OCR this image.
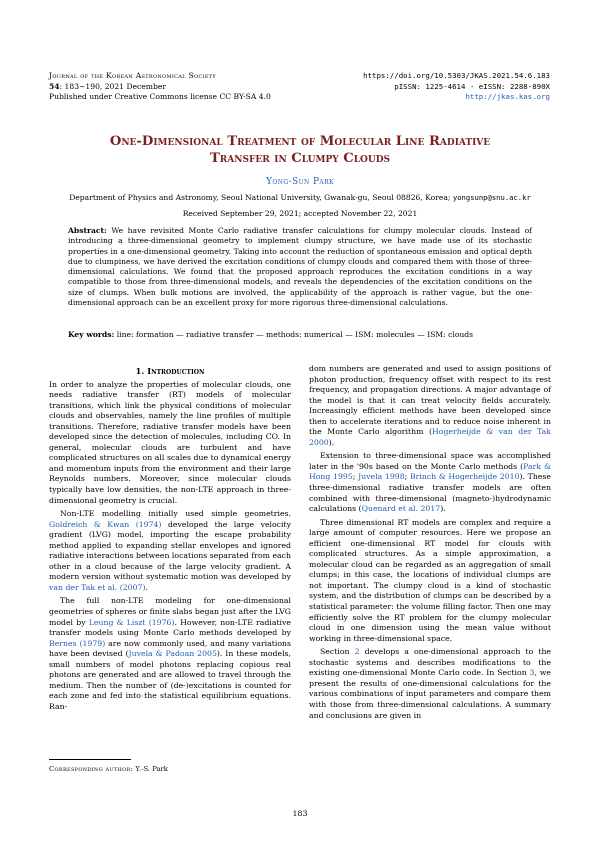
Journal of the Korean Astronomical Society
54: 183∼190, 2021 December
Published under Creative Commons license CC BY-SA 4.0
https://doi.org/10.5303/JKAS.2021.54.6.183
pISSN: 1225-4614 · eISSN: 2288-890X
http://jkas.kas.org
One-Dimensional Treatment of Molecular Line Radiative
Transfer in Clumpy Clouds
Yong-Sun Park
Department of Physics and Astronomy, Seoul National University, Gwanak-gu, Seoul 08826, Korea; yongsunp@snu.ac.kr
Received September 29, 2021; accepted November 22, 2021
Abstract: We have revisited Monte Carlo radiative transfer calculations for clumpy molecular clouds. Instead of introducing a three-dimensional geometry to implement clumpy structure, we have made use of its stochastic properties in a one-dimensional geometry. Taking into account the reduction of spontaneous emission and optical depth due to clumpiness, we have derived the excitation conditions of clumpy clouds and compared them with those of three-dimensional calculations. We found that the proposed approach reproduces the excitation conditions in a way compatible to those from three-dimensional models, and reveals the dependencies of the excitation conditions on the size of clumps. When bulk motions are involved, the applicability of the approach is rather vague, but the one-dimensional approach can be an excellent proxy for more rigorous three-dimensional calculations.
Key words: line: formation — radiative transfer — methods: numerical — ISM: molecules — ISM: clouds
1. Introduction

In order to analyze the properties of molecular clouds, one needs radiative transfer (RT) models of molecular transitions, which link the physical conditions of molecular clouds and observables, namely the line profiles of multiple transitions. Therefore, radiative transfer models have been developed since the detection of molecules, including CO. In general, molecular clouds are turbulent and have complicated structures on all scales due to dynamical energy and momentum inputs from the environment and their large Reynolds numbers. Moreover, since molecular clouds typically have low densities, the non-LTE approach in three-dimensional geometry is crucial.

Non-LTE modelling initially used simple geometries. Goldreich & Kwan (1974) developed the large velocity gradient (LVG) model, importing the escape probability method applied to expanding stellar envelopes and ignored radiative interactions between locations separated from each other in a cloud because of the large velocity gradient. A modern version without systematic motion was developed by van der Tak et al. (2007).

The full non-LTE modeling for one-dimensional geometries of spheres or finite slabs began just after the LVG model by Leung & Liszt (1976). However, non-LTE radiative transfer models using Monte Carlo methods developed by Bernes (1979) are now commonly used, and many variations have been devised (Juvela & Padoan 2005). In these models, small numbers of model photons replacing copious real photons are generated and are allowed to travel through the medium. Then the number of (de-)excitations is counted for each zone and fed into the statistical equilibrium equations. Ran-

dom numbers are generated and used to assign positions of photon production, frequency offset with respect to its rest frequency, and propagation directions. A major advantage of the model is that it can treat velocity fields accurately. Increasingly efficient methods have been developed since then to accelerate iterations and to reduce noise inherent in the Monte Carlo algorithm (Hogerheijde & van der Tak 2000).

Extension to three-dimensional space was accomplished later in the '90s based on the Monte Carlo methods (Park & Hong 1995; Juvela 1998; Brinch & Hogerheijde 2010). These three-dimensional radiative transfer models are often combined with three-dimensional (magneto-)hydrodynamic calculations (Quenard et al. 2017).

Three dimensional RT models are complex and require a large amount of computer resources. Here we propose an efficient one-dimensional RT model for clouds with complicated structures. As a simple approximation, a molecular cloud can be regarded as an aggregation of small clumps; in this case, the locations of individual clumps are not important. The clumpy cloud is a kind of stochastic system, and the distribution of clumps can be described by a statistical parameter: the volume filling factor. Then one may efficiently solve the RT problem for the clumpy molecular cloud in one dimension using the mean value without working in three-dimensional space.

Section 2 develops a one-dimensional approach to the stochastic systems and describes modifications to the existing one-dimensional Monte Carlo code. In Section 3, we present the results of one-dimensional calculations for the various combinations of input parameters and compare them with those from three-dimensional calculations. A summary and conclusions are given in

Corresponding author: Y.-S. Park
183
